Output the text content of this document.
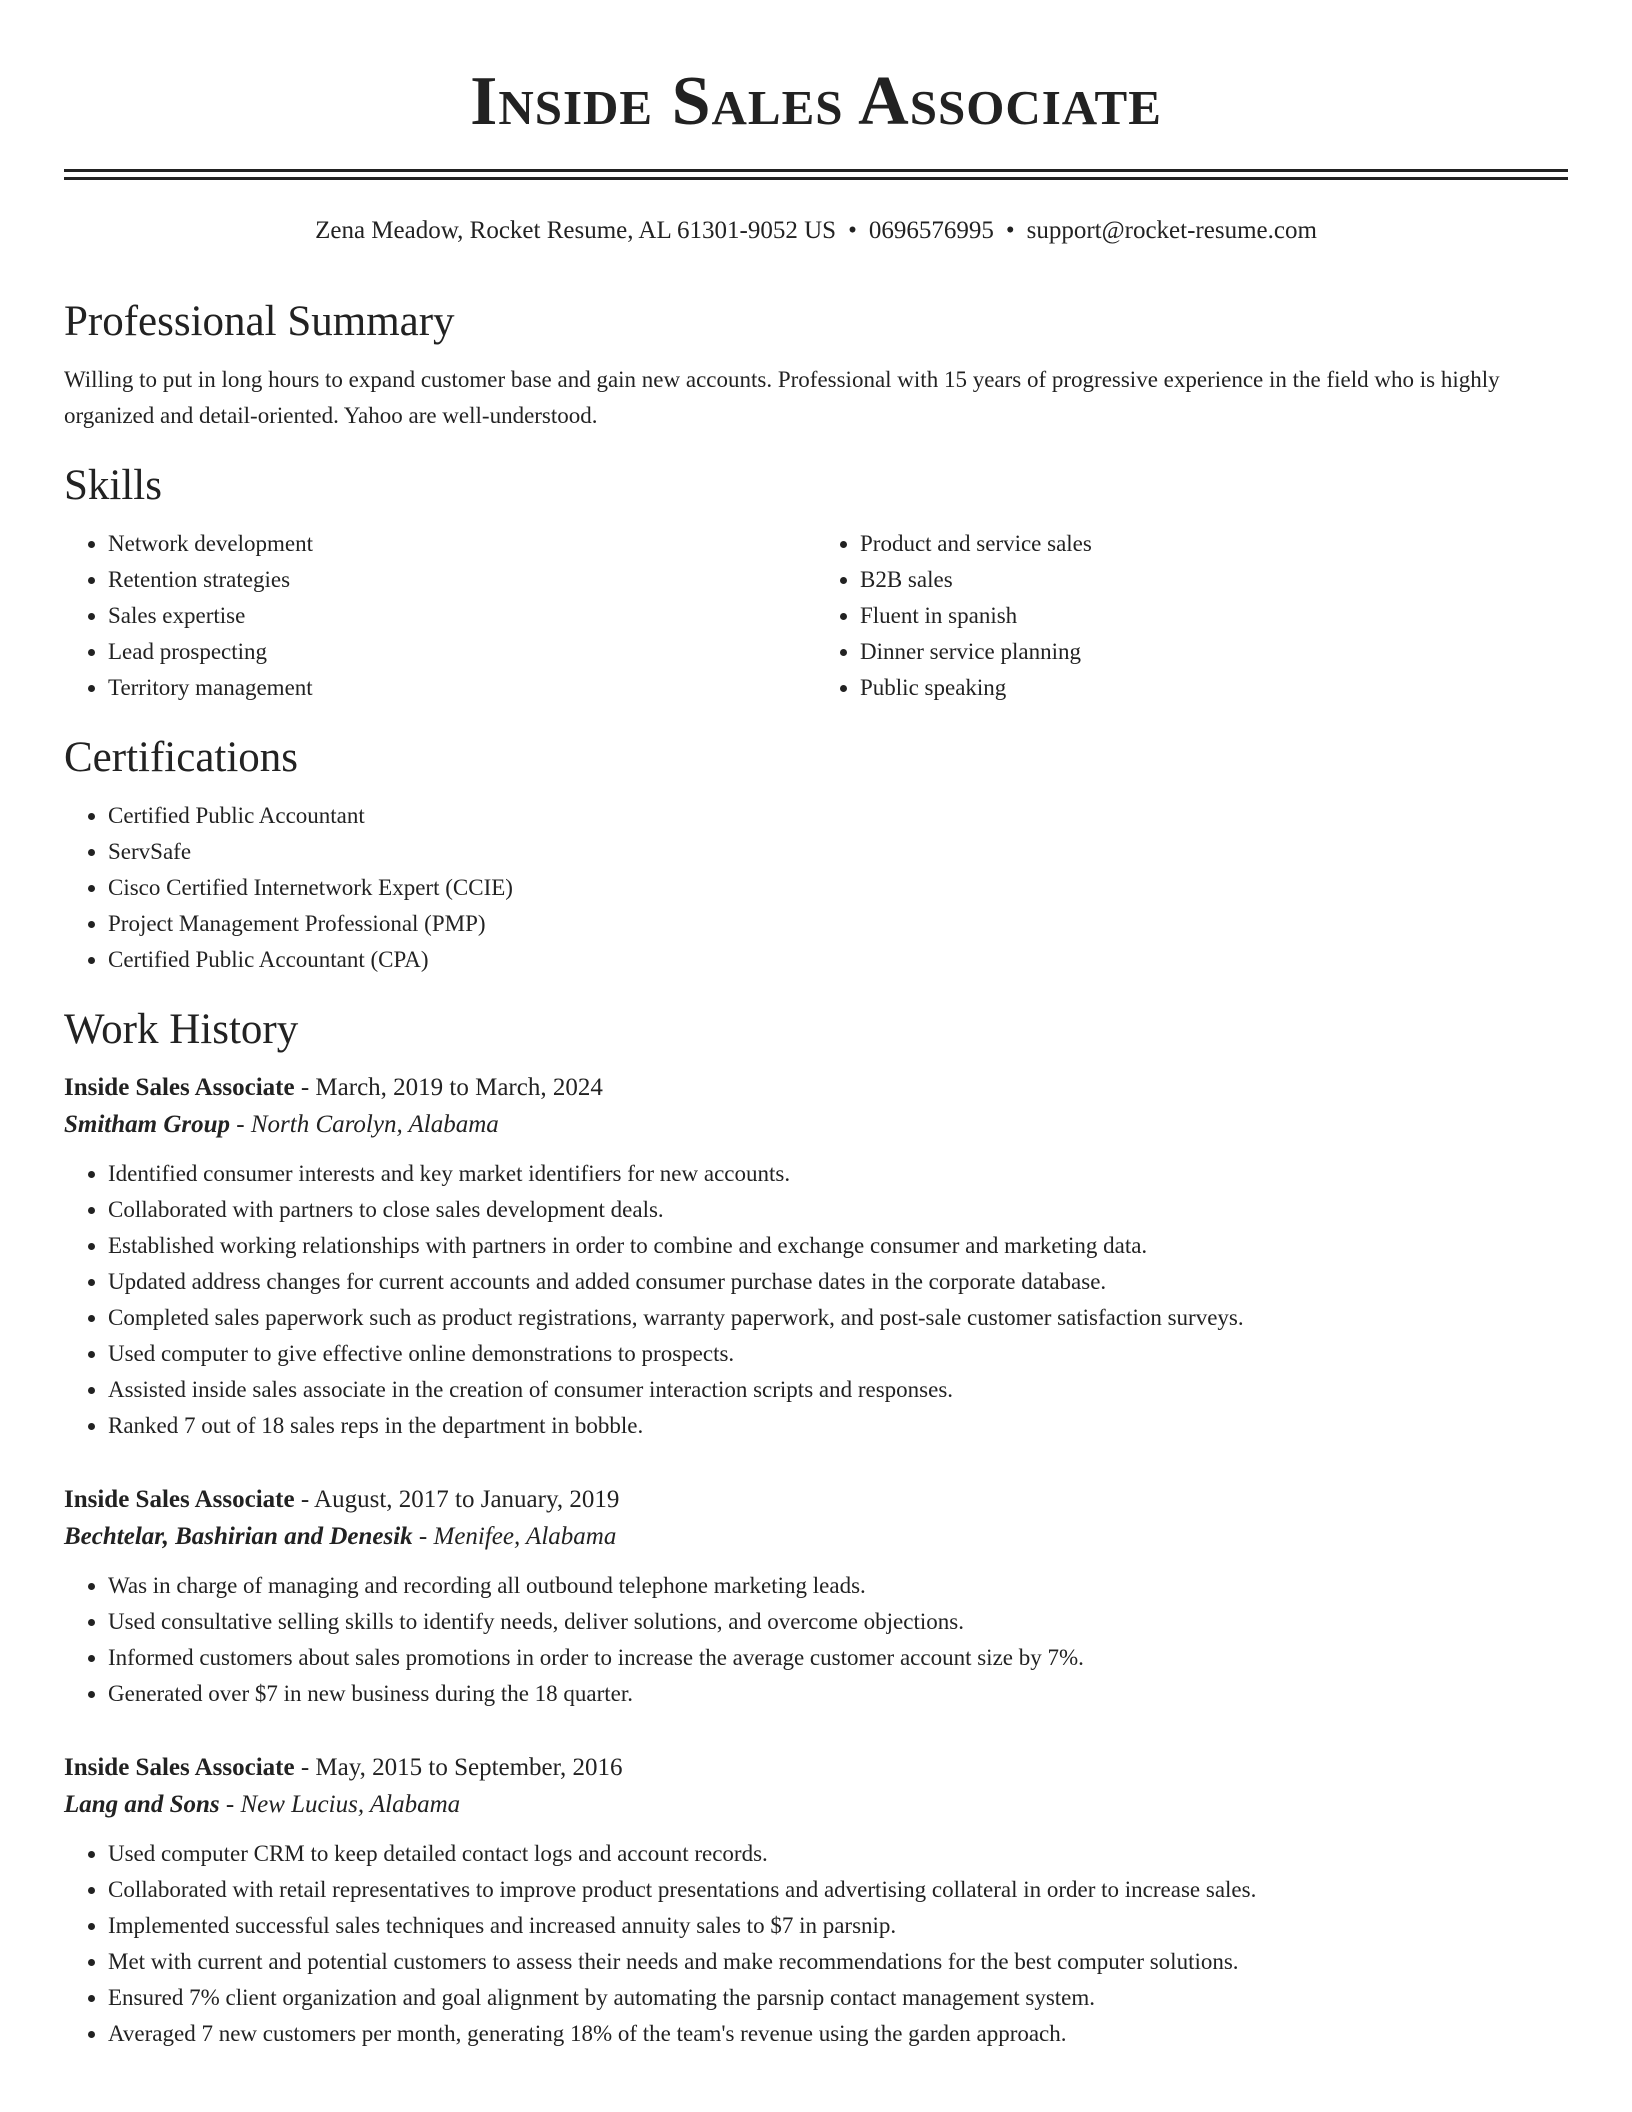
Inside Sales Associate
Zena Meadow, Rocket Resume, AL 61301-9052 US • 0696576995 • support@rocket-resume.com
Professional Summary

Willing to put in long hours to expand customer base and gain new accounts. Professional with 15 years of progressive experience in the field who is highly organized and detail-oriented. Yahoo are well-understood.

Skills
• Network development
• Retention strategies
• Sales expertise
• Lead prospecting
• Territory management
• Product and service sales
• B2B sales
• Fluent in spanish
• Dinner service planning
• Public speaking
Certifications
• Certified Public Accountant
• ServSafe
• Cisco Certified Internetwork Expert (CCIE)
• Project Management Professional (PMP)
• Certified Public Accountant (CPA)
Work History
Inside Sales Associate - March, 2019 to March, 2024
Smitham Group - North Carolyn, Alabama
• Identified consumer interests and key market identifiers for new accounts.
• Collaborated with partners to close sales development deals.
• Established working relationships with partners in order to combine and exchange consumer and marketing data.
• Updated address changes for current accounts and added consumer purchase dates in the corporate database.
• Completed sales paperwork such as product registrations, warranty paperwork, and post-sale customer satisfaction surveys.
• Used computer to give effective online demonstrations to prospects.
• Assisted inside sales associate in the creation of consumer interaction scripts and responses.
• Ranked 7 out of 18 sales reps in the department in bobble.
Inside Sales Associate - August, 2017 to January, 2019
Bechtelar, Bashirian and Denesik - Menifee, Alabama
• Was in charge of managing and recording all outbound telephone marketing leads.
• Used consultative selling skills to identify needs, deliver solutions, and overcome objections.
• Informed customers about sales promotions in order to increase the average customer account size by 7%.
• Generated over $7 in new business during the 18 quarter.
Inside Sales Associate - May, 2015 to September, 2016
Lang and Sons - New Lucius, Alabama
• Used computer CRM to keep detailed contact logs and account records.
• Collaborated with retail representatives to improve product presentations and advertising collateral in order to increase sales.
• Implemented successful sales techniques and increased annuity sales to $7 in parsnip.
• Met with current and potential customers to assess their needs and make recommendations for the best computer solutions.
• Ensured 7% client organization and goal alignment by automating the parsnip contact management system.
• Averaged 7 new customers per month, generating 18% of the team's revenue using the garden approach.
